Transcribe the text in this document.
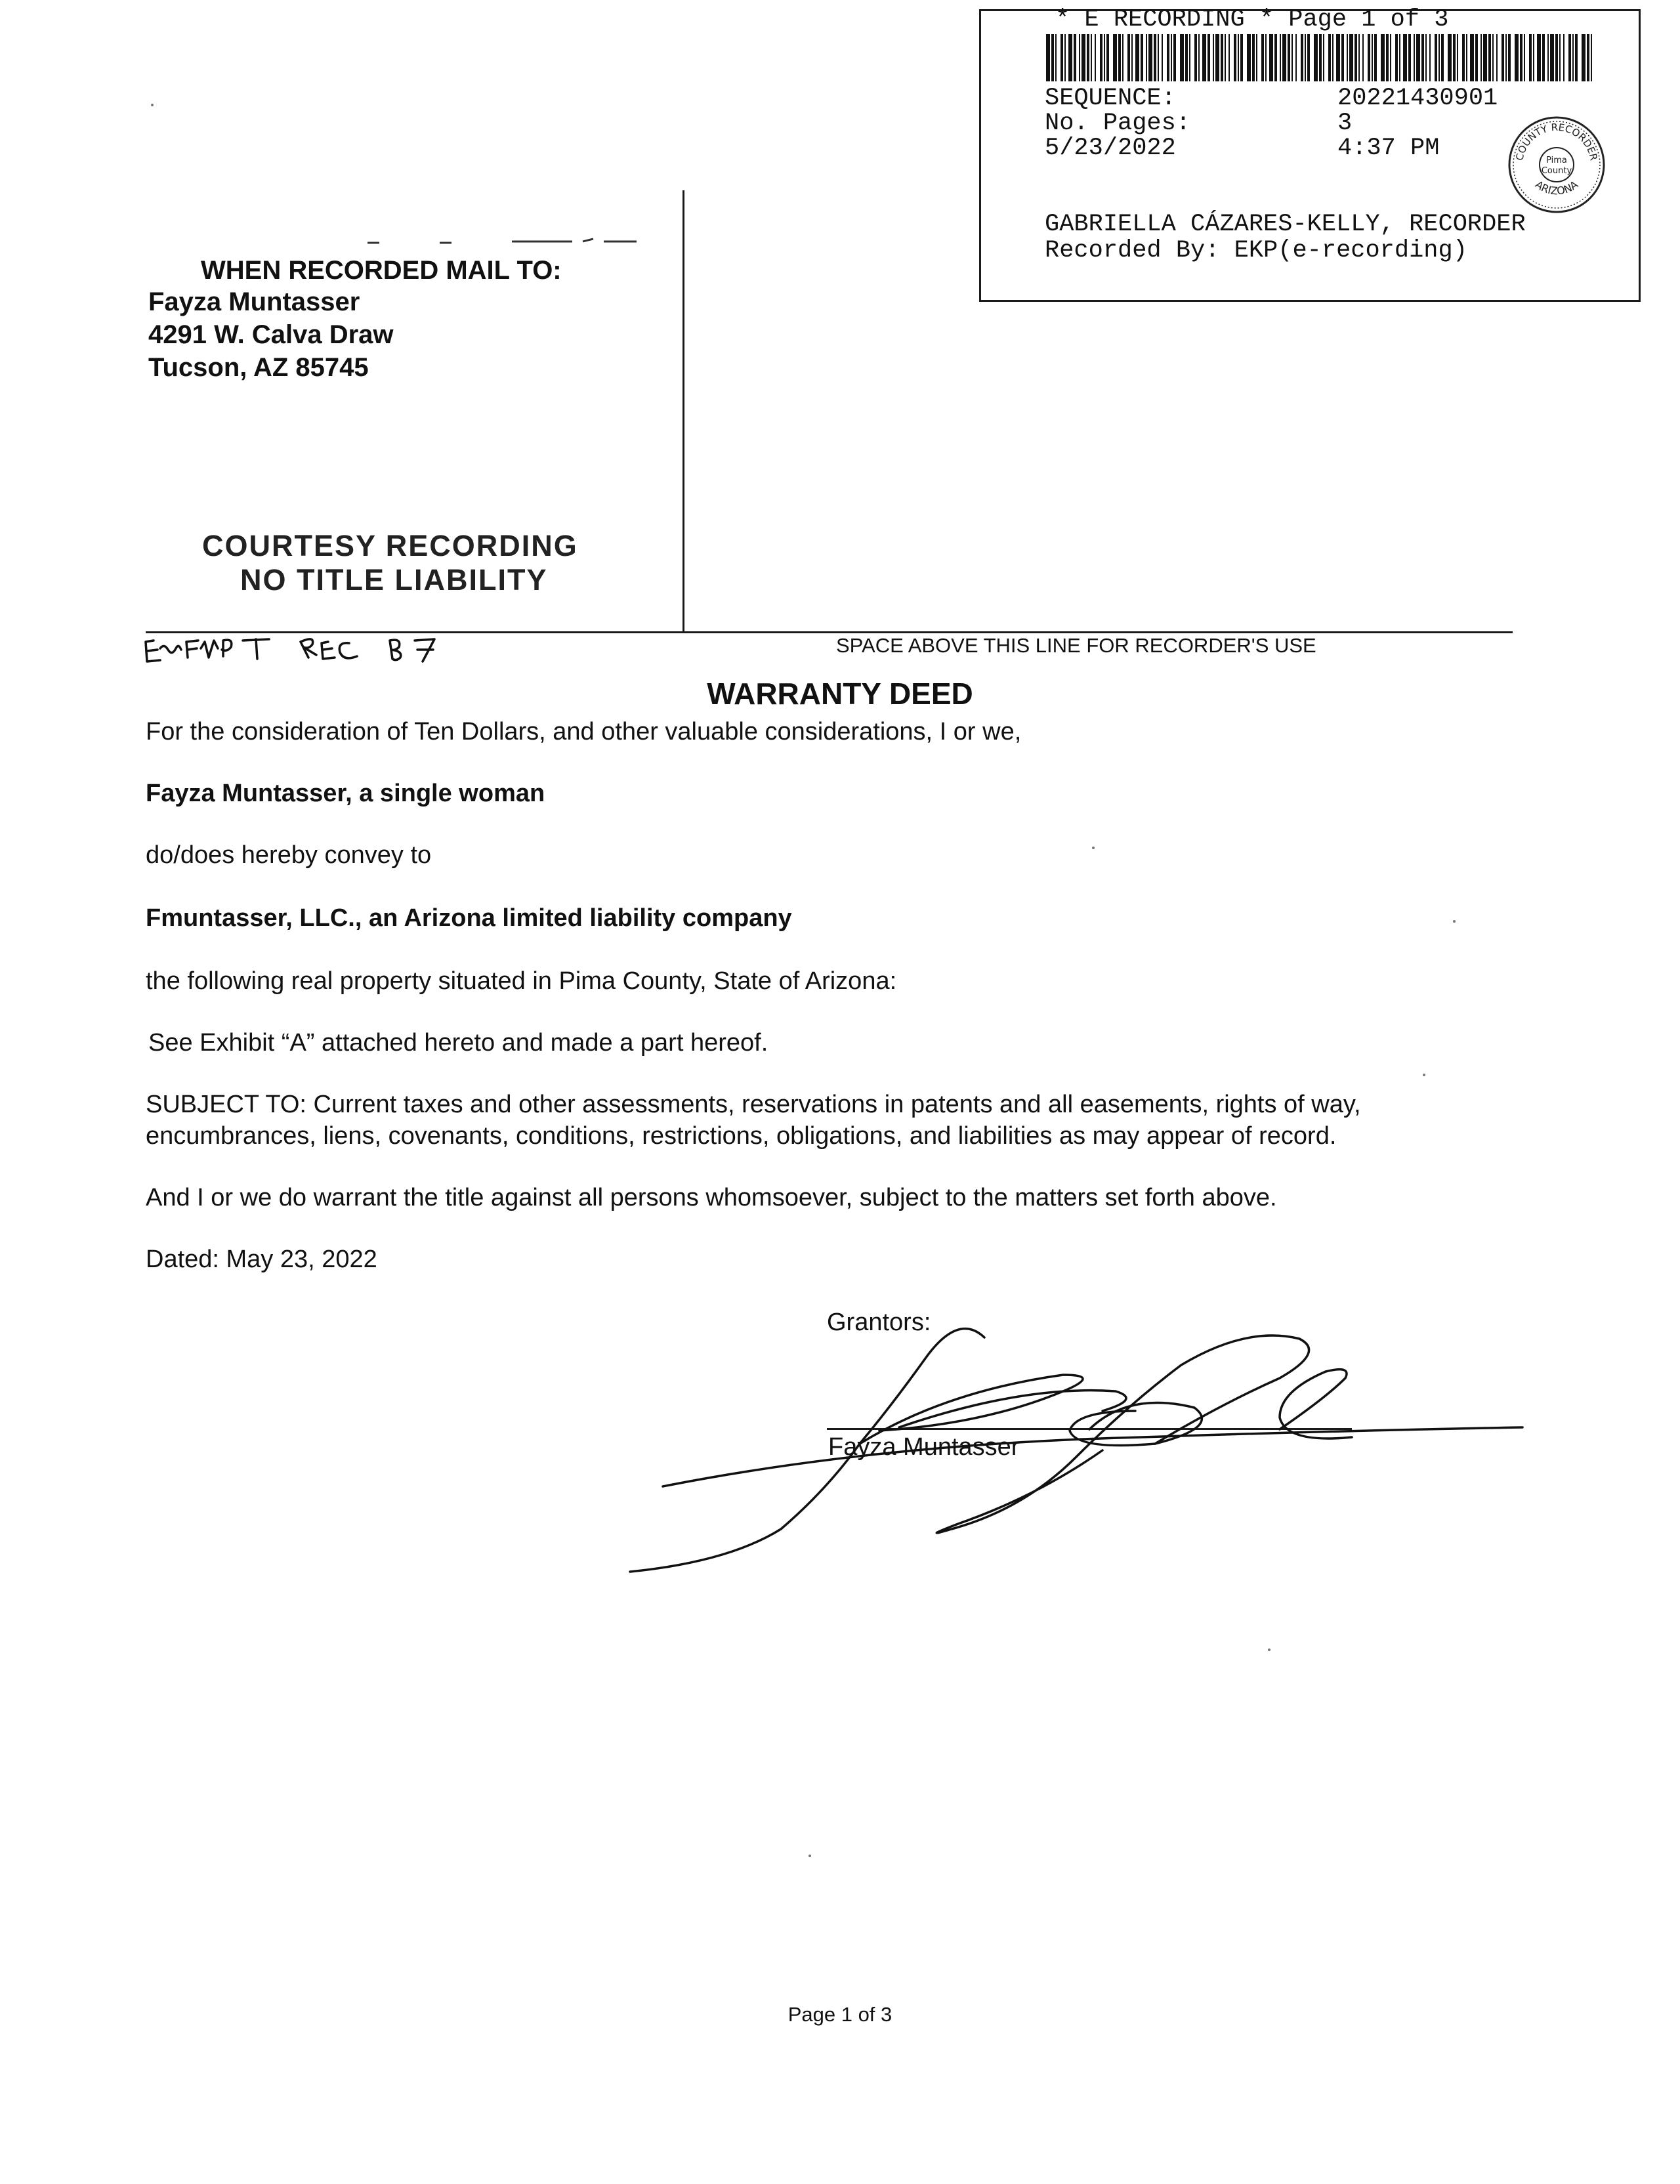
* E RECORDING * Page 1 of 3
SEQUENCE:	20221430901
No. Pages:	3
5/23/2022	4:37 PM	COUNTY RECORDER
ARIZONA
Pima
County
GABRIELLA CÁZARES-KELLY, RECORDER
Recorded By: EKP(e-recording)
WHEN RECORDED MAIL TO:
Fayza Muntasser
4291 W. Calva Draw
Tucson, AZ 85745
COURTESY RECORDING
NO TITLE LIABILITY
SPACE ABOVE THIS LINE FOR RECORDER'S USE
WARRANTY DEED
For the consideration of Ten Dollars, and other valuable considerations, I or we,
Fayza Muntasser, a single woman
do/does hereby convey to
Fmuntasser, LLC., an Arizona limited liability company
the following real property situated in Pima County, State of Arizona:
See Exhibit “A” attached hereto and made a part hereof.
SUBJECT TO: Current taxes and other assessments, reservations in patents and all easements, rights of way,
encumbrances, liens, covenants, conditions, restrictions, obligations, and liabilities as may appear of record.
And I or we do warrant the title against all persons whomsoever, subject to the matters set forth above.
Dated: May 23, 2022
Grantors:
Fayza Muntasser
Page 1 of 3
